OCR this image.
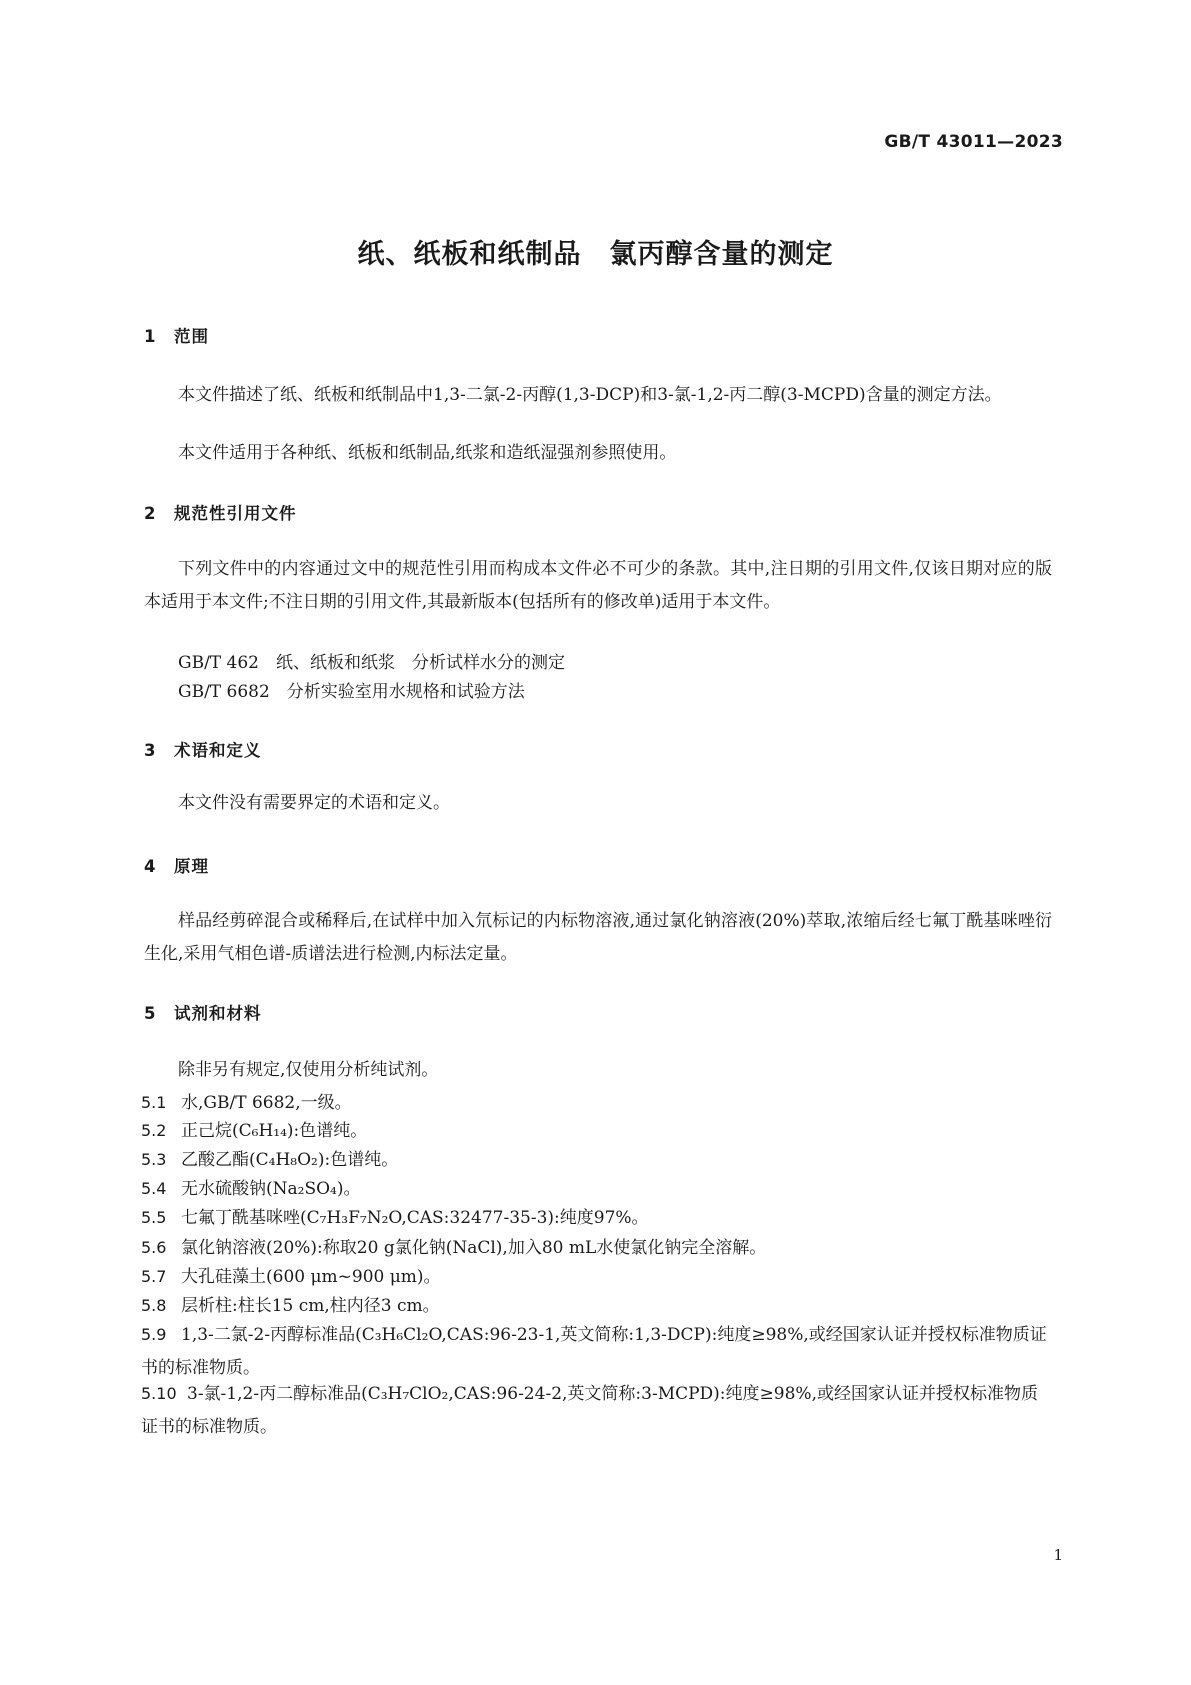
GB/T 43011—2023
纸、纸板和纸制品　氯丙醇含量的测定
1 范围
本文件描述了纸、纸板和纸制品中1,3-二氯-2-丙醇(1,3-DCP)和3-氯-1,2-丙二醇(3-MCPD)含量的测定方法。
本文件适用于各种纸、纸板和纸制品,纸浆和造纸湿强剂参照使用。
2 规范性引用文件
下列文件中的内容通过文中的规范性引用而构成本文件必不可少的条款。其中,注日期的引用文件,仅该日期对应的版本适用于本文件;不注日期的引用文件,其最新版本(包括所有的修改单)适用于本文件。
GB/T 462　纸、纸板和纸浆　分析试样水分的测定
GB/T 6682　分析实验室用水规格和试验方法
3 术语和定义
本文件没有需要界定的术语和定义。
4 原理
样品经剪碎混合或稀释后,在试样中加入氘标记的内标物溶液,通过氯化钠溶液(20%)萃取,浓缩后经七氟丁酰基咪唑衍生化,采用气相色谱-质谱法进行检测,内标法定量。
5 试剂和材料
除非另有规定,仅使用分析纯试剂。
5.1 水,GB/T 6682,一级。
5.2 正己烷(C₆H₁₄):色谱纯。
5.3 乙酸乙酯(C₄H₈O₂):色谱纯。
5.4 无水硫酸钠(Na₂SO₄)。
5.5 七氟丁酰基咪唑(C₇H₃F₇N₂O,CAS:32477-35-3):纯度97%。
5.6 氯化钠溶液(20%):称取20 g氯化钠(NaCl),加入80 mL水使氯化钠完全溶解。
5.7 大孔硅藻土(600 μm~900 μm)。
5.8 层析柱:柱长15 cm,柱内径3 cm。
5.9 1,3-二氯-2-丙醇标准品(C₃H₆Cl₂O,CAS:96-23-1,英文简称:1,3-DCP):纯度≥98%,或经国家认证并授权标准物质证书的标准物质。
5.10 3-氯-1,2-丙二醇标准品(C₃H₇ClO₂,CAS:96-24-2,英文简称:3-MCPD):纯度≥98%,或经国家认证并授权标准物质证书的标准物质。
1
